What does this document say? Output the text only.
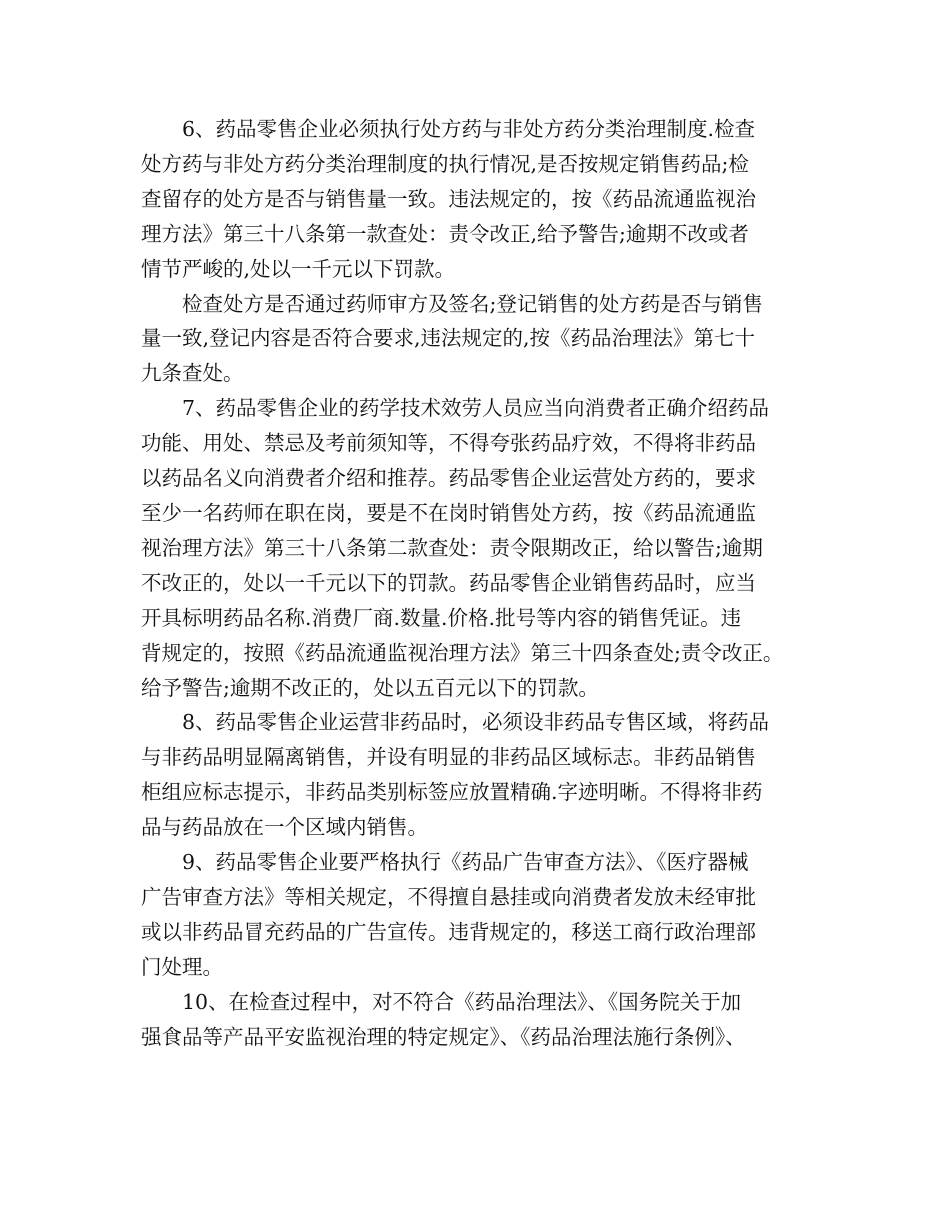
6、药品零售企业必须执行处方药与非处方药分类治理制度.检查
处方药与非处方药分类治理制度的执行情况,是否按规定销售药品;检
查留存的处方是否与销售量一致。违法规定的，按《药品流通监视治
理方法》第三十八条第一款查处：责令改正,给予警告;逾期不改或者
情节严峻的,处以一千元以下罚款。
检查处方是否通过药师审方及签名;登记销售的处方药是否与销售
量一致,登记内容是否符合要求,违法规定的,按《药品治理法》第七十
九条查处。
7、药品零售企业的药学技术效劳人员应当向消费者正确介绍药品
功能、用处、禁忌及考前须知等，不得夸张药品疗效，不得将非药品
以药品名义向消费者介绍和推荐。药品零售企业运营处方药的，要求
至少一名药师在职在岗，要是不在岗时销售处方药，按《药品流通监
视治理方法》第三十八条第二款查处：责令限期改正，给以警告;逾期
不改正的，处以一千元以下的罚款。药品零售企业销售药品时，应当
开具标明药品名称.消费厂商.数量.价格.批号等内容的销售凭证。违
背规定的，按照《药品流通监视治理方法》第三十四条查处;责令改正。
给予警告;逾期不改正的，处以五百元以下的罚款。
8、药品零售企业运营非药品时，必须设非药品专售区域，将药品
与非药品明显隔离销售，并设有明显的非药品区域标志。非药品销售
柜组应标志提示，非药品类别标签应放置精确.字迹明晰。不得将非药
品与药品放在一个区域内销售。
9、药品零售企业要严格执行《药品广告审查方法》、《医疗器械
广告审查方法》等相关规定，不得擅自悬挂或向消费者发放未经审批
或以非药品冒充药品的广告宣传。违背规定的，移送工商行政治理部
门处理。
10、在检查过程中，对不符合《药品治理法》、《国务院关于加
强食品等产品平安监视治理的特定规定》、《药品治理法施行条例》、
